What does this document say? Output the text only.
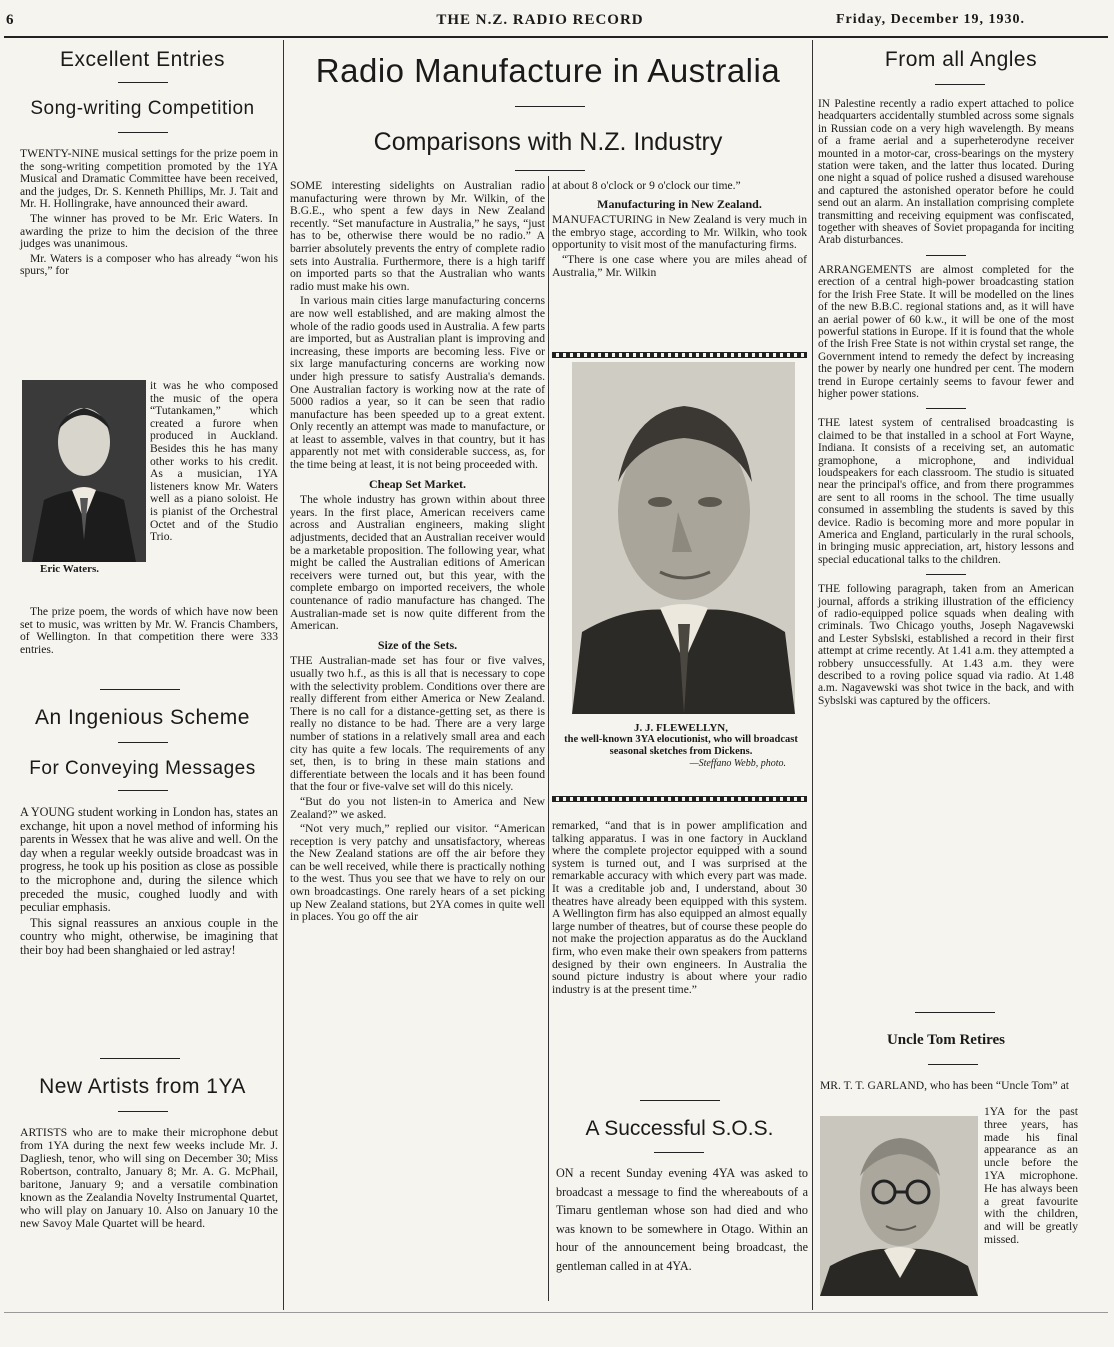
6	THE N.Z. RADIO RECORD	Friday, December 19, 1930.
Excellent Entries
Song-writing Competition

TWENTY-NINE musical settings for the prize poem in the song-writing competition promoted by the 1YA Musical and Dramatic Committee have been received, and the judges, Dr. S. Kenneth Phillips, Mr. J. Tait and Mr. H. Hollingrake, have announced their award.

The winner has proved to be Mr. Eric Waters. In awarding the prize to him the decision of the three judges was unanimous.

Mr. Waters is a composer who has already “won his spurs,” for

Eric Waters.

it was he who composed the music of the opera “Tutankamen,” which created a furore when produced in Auckland. Besides this he has many other works to his credit. As a musician, 1YA listeners know Mr. Waters well as a piano soloist. He is pianist of the Orchestral Octet and of the Studio Trio.

The prize poem, the words of which have now been set to music, was written by Mr. W. Francis Chambers, of Wellington. In that competition there were 333 entries.

An Ingenious Scheme
For Conveying Messages

A YOUNG student working in London has, states an exchange, hit upon a novel method of informing his parents in Wessex that he was alive and well. On the day when a regular weekly outside broadcast was in progress, he took up his position as close as possible to the microphone and, during the silence which preceded the music, coughed luodly and with peculiar emphasis.

This signal reassures an anxious couple in the country who might, otherwise, be imagining that their boy had been shanghaied or led astray!

New Artists from 1YA

ARTISTS who are to make their microphone debut from 1YA during the next few weeks include Mr. J. Dagliesh, tenor, who will sing on December 30; Miss Robertson, contralto, January 8; Mr. A. G. McPhail, baritone, January 9; and a versatile combination known as the Zealandia Novelty Instrumental Quartet, who will play on January 10. Also on January 10 the new Savoy Male Quartet will be heard.

Radio Manufacture in Australia
Comparisons with N.Z. Industry

SOME interesting sidelights on Australian radio manufacturing were thrown by Mr. Wilkin, of the B.G.E., who spent a few days in New Zealand recently. “Set manufacture in Australia,” he says, “just has to be, otherwise there would be no radio.” A barrier absolutely prevents the entry of complete radio sets into Australia. Furthermore, there is a high tariff on imported parts so that the Australian who wants radio must make his own.

In various main cities large manufacturing concerns are now well established, and are making almost the whole of the radio goods used in Australia. A few parts are imported, but as Australian plant is improving and increasing, these imports are becoming less. Five or six large manufacturing concerns are working now under high pressure to satisfy Australia's demands. One Australian factory is working now at the rate of 5000 radios a year, so it can be seen that radio manufacture has been speeded up to a great extent. Only recently an attempt was made to manufacture, or at least to assemble, valves in that country, but it has apparently not met with considerable success, as, for the time being at least, it is not being proceeded with.

Cheap Set Market.

The whole industry has grown within about three years. In the first place, American receivers came across and Australian engineers, making slight adjustments, decided that an Australian receiver would be a marketable proposition. The following year, what might be called the Australian editions of American receivers were turned out, but this year, with the complete embargo on imported receivers, the whole countenance of radio manufacture has changed. The Australian-made set is now quite different from the American.

Size of the Sets.

THE Australian-made set has four or five valves, usually two h.f., as this is all that is necessary to cope with the selectivity problem. Conditions over there are really different from either America or New Zealand. There is no call for a distance-getting set, as there is really no distance to be had. There are a very large number of stations in a relatively small area and each city has quite a few locals. The requirements of any set, then, is to bring in these main stations and differentiate between the locals and it has been found that the four or five-valve set will do this nicely.

“But do you not listen-in to America and New Zealand?” we asked.

“Not very much,” replied our visitor. “American reception is very patchy and unsatisfactory, whereas the New Zealand stations are off the air before they can be well received, while there is practically nothing to the west. Thus you see that we have to rely on our own broadcastings. One rarely hears of a set picking up New Zealand stations, but 2YA comes in quite well in places. You go off the air

at about 8 o'clock or 9 o'clock our time.”

Manufacturing in New Zealand.

MANUFACTURING in New Zealand is very much in the embryo stage, according to Mr. Wilkin, who took opportunity to visit most of the manufacturing firms.

“There is one case where you are miles ahead of Australia,” Mr. Wilkin

J. J. FLEWELLYN,
the well-known 3YA elocutionist, who will broadcast seasonal sketches from Dickens.
—Steffano Webb, photo.

remarked, “and that is in power amplification and talking apparatus. I was in one factory in Auckland where the complete projector equipped with a sound system is turned out, and I was surprised at the remarkable accuracy with which every part was made. It was a creditable job and, I understand, about 30 theatres have already been equipped with this system. A Wellington firm has also equipped an almost equally large number of theatres, but of course these people do not make the projection apparatus as do the Auckland firm, who even make their own speakers from patterns designed by their own engineers. In Australia the sound picture industry is about where your radio industry is at the present time.”

A Successful S.O.S.

ON a recent Sunday evening 4YA was asked to broadcast a message to find the whereabouts of a Timaru gentleman whose son had died and who was known to be somewhere in Otago. Within an hour of the announcement being broadcast, the gentleman called in at 4YA.

From all Angles

IN Palestine recently a radio expert attached to police headquarters accidentally stumbled across some signals in Russian code on a very high wavelength. By means of a frame aerial and a superheterodyne receiver mounted in a motor-car, cross-bearings on the mystery station were taken, and the latter thus located. During one night a squad of police rushed a disused warehouse and captured the astonished operator before he could send out an alarm. An installation comprising complete transmitting and receiving equipment was confiscated, together with sheaves of Soviet propaganda for inciting Arab disturbances.

ARRANGEMENTS are almost completed for the erection of a central high-power broadcasting station for the Irish Free State. It will be modelled on the lines of the new B.B.C. regional stations and, as it will have an aerial power of 60 k.w., it will be one of the most powerful stations in Europe. If it is found that the whole of the Irish Free State is not within crystal set range, the Government intend to remedy the defect by increasing the power by nearly one hundred per cent. The modern trend in Europe certainly seems to favour fewer and higher power stations.

THE latest system of centralised broadcasting is claimed to be that installed in a school at Fort Wayne, Indiana. It consists of a receiving set, an automatic gramophone, a microphone, and individual loudspeakers for each classroom. The studio is situated near the principal's office, and from there programmes are sent to all rooms in the school. The time usually consumed in assembling the students is saved by this device. Radio is becoming more and more popular in America and England, particularly in the rural schools, in bringing music appreciation, art, history lessons and special educational talks to the children.

THE following paragraph, taken from an American journal, affords a striking illustration of the efficiency of radio-equipped police squads when dealing with criminals. Two Chicago youths, Joseph Nagavewski and Lester Sybslski, established a record in their first attempt at crime recently. At 1.41 a.m. they attempted a robbery unsuccessfully. At 1.43 a.m. they were described to a roving police squad via radio. At 1.48 a.m. Nagavewski was shot twice in the back, and with Sybslski was captured by the officers.

Uncle Tom Retires

MR. T. T. GARLAND, who has been “Uncle Tom” at

1YA for the past three years, has made his final appearance as an uncle before the 1YA microphone. He has always been a great favourite with the children, and will be greatly missed.
